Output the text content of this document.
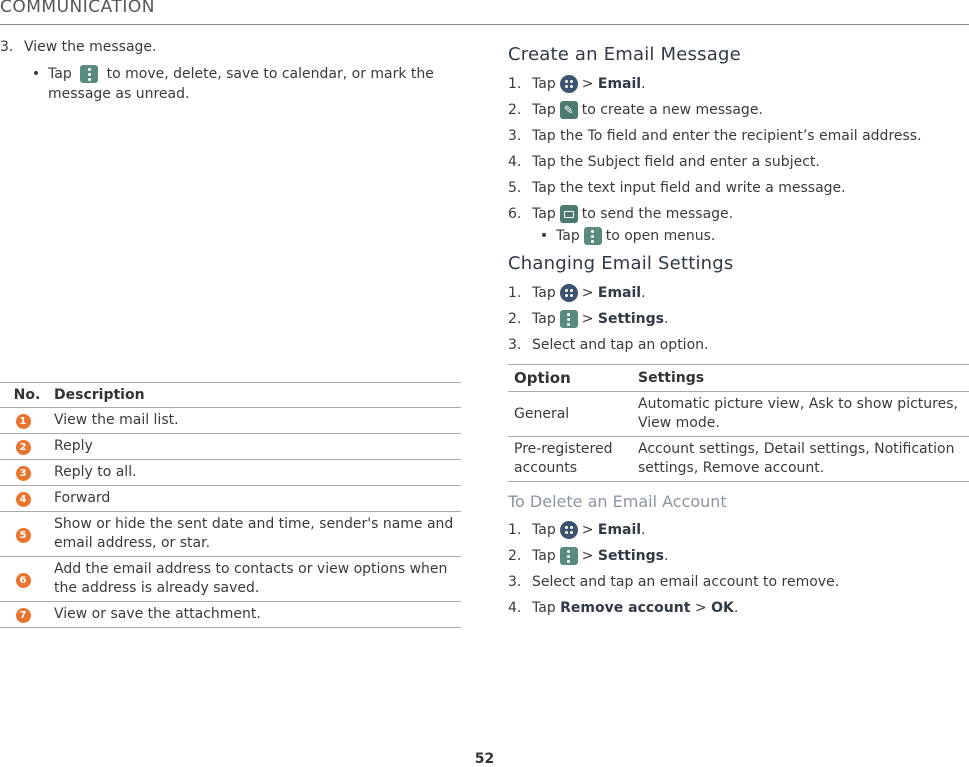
COMMUNICATION
3. View the message.
• Tap to move, delete, save to calendar, or mark the message as unread.
No.	Description
1	View the mail list.
2	Reply
3	Reply to all.
4	Forward
5	Show or hide the sent date and time, sender's name and email address, or star.
6	Add the email address to contacts or view options when the address is already saved.
7	View or save the attachment.
Create an Email Message
1. Tap >
Email .
2. Tap ✎ to create a new message.
3. Tap the To field and enter the recipient’s email address.
4. Tap the Subject field and enter a subject.
5. Tap the text input field and write a message.
6. Tap to send the message.
• Tap to open menus.
Changing Email Settings
1. Tap >
Email .
2. Tap >
Settings .
3. Select and tap an option.
Option	Settings
General	Automatic picture view, Ask to show pictures, View mode.
Pre-registered accounts	Account settings, Detail settings, Notification settings, Remove account.
To Delete an Email Account
1. Tap >
Email .
2. Tap >
Settings .
3. Select and tap an email account to remove.
4. Tap
Remove account
>
OK .
52
